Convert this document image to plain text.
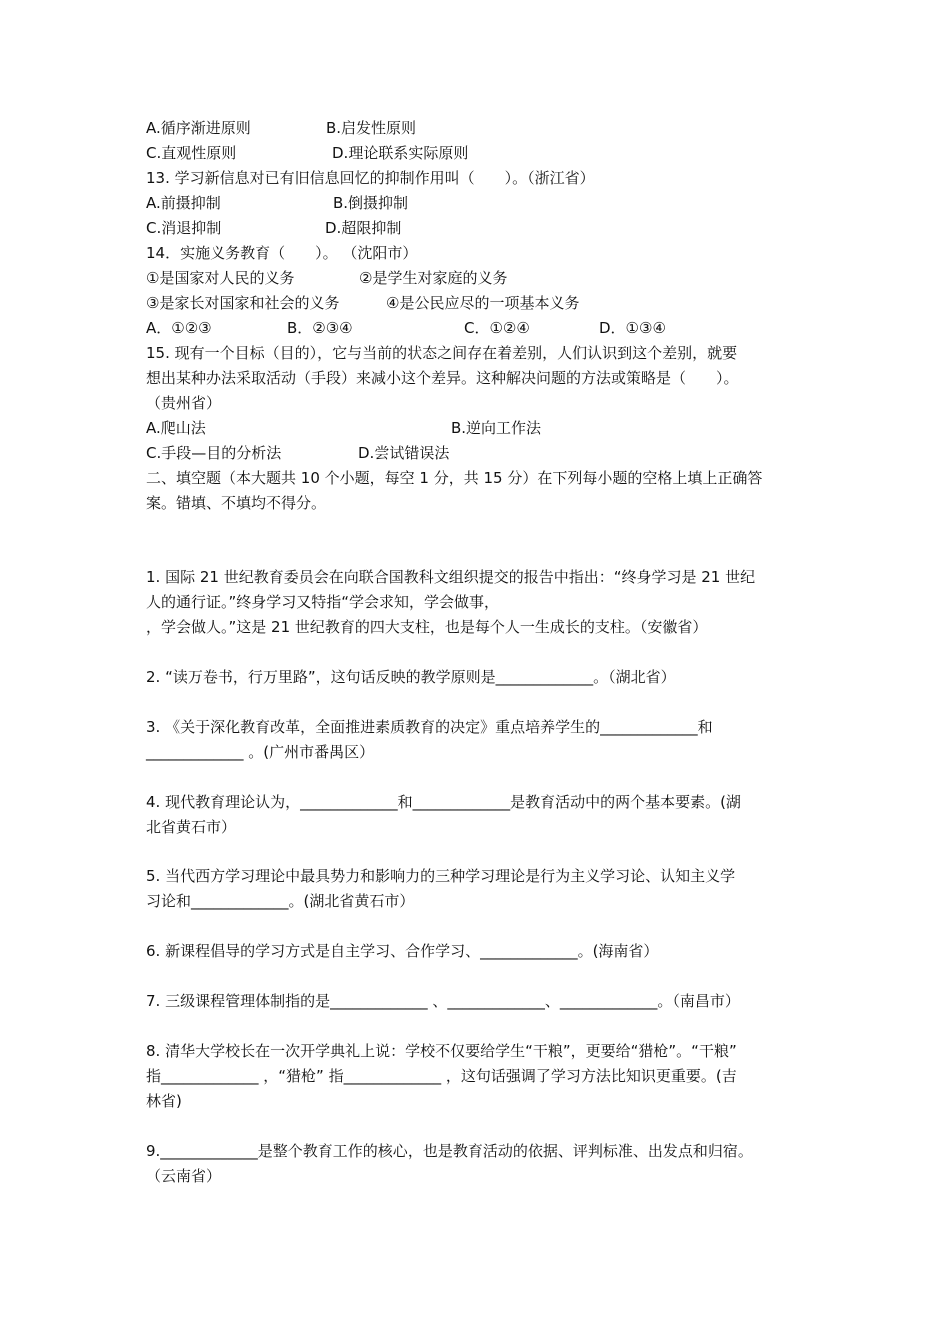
A.循序渐进原则	B.启发性原则
C.直观性原则	D.理论联系实际原则
13. 学习新信息对已有旧信息回忆的抑制作用叫（　　）。（浙江省）
A.前摄抑制	B.倒摄抑制
C.消退抑制	D.超限抑制
14．实施义务教育（　　）。 （沈阳市）
①是国家对人民的义务	②是学生对家庭的义务
③是家长对国家和社会的义务	④是公民应尽的一项基本义务
A．①②③	B．②③④	C．①②④	D．①③④
15. 现有一个目标（目的），它与当前的状态之间存在着差别，人们认识到这个差别，就要
想出某种办法采取活动（手段）来减小这个差异。这种解决问题的方法或策略是（　　）。
（贵州省）
A.爬山法	B.逆向工作法
C.手段—目的分析法	D.尝试错误法
二、填空题（本大题共 10 个小题，每空 1 分，共 15 分）在下列每小题的空格上填上正确答
案。错填、不填均不得分。
1. 国际 21 世纪教育委员会在向联合国教科文组织提交的报告中指出：“终身学习是 21 世纪
人的通行证。”终身学习又特指“学会求知，学会做事，
，学会做人。”这是 21 世纪教育的四大支柱，也是每个人一生成长的支柱。（安徽省）
2. “读万卷书，行万里路”，这句话反映的教学原则是_____________。（湖北省）
3. 《关于深化教育改革，全面推进素质教育的决定》重点培养学生的_____________和
_____________ 。(广州市番禺区）
4. 现代教育理论认为，_____________和_____________是教育活动中的两个基本要素。(湖
北省黄石市）
5. 当代西方学习理论中最具势力和影响力的三种学习理论是行为主义学习论、认知主义学
习论和_____________。(湖北省黄石市）
6. 新课程倡导的学习方式是自主学习、合作学习、_____________。(海南省）
7. 三级课程管理体制指的是_____________ 、_____________、_____________。（南昌市）
8. 清华大学校长在一次开学典礼上说：学校不仅要给学生“干粮”，更要给“猎枪”。“干粮”
指_____________ ，“猎枪” 指_____________ ，这句话强调了学习方法比知识更重要。(吉
林省)
9._____________是整个教育工作的核心，也是教育活动的依据、评判标准、出发点和归宿。
（云南省）
